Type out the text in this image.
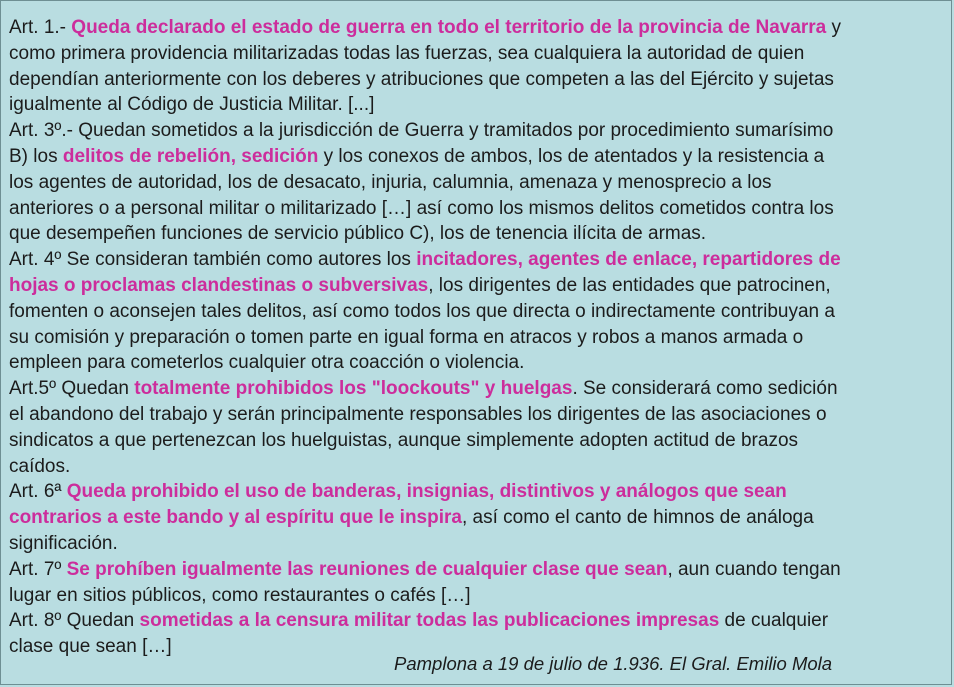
Art. 1.- Queda declarado el estado de guerra en todo el territorio de la provincia de Navarra y
como primera providencia militarizadas todas las fuerzas, sea cualquiera la autoridad de quien
dependían anteriormente con los deberes y atribuciones que competen a las del Ejército y sujetas
igualmente al Código de Justicia Militar. [...]
Art. 3º.- Quedan sometidos a la jurisdicción de Guerra y tramitados por procedimiento sumarísimo
B) los delitos de rebelión, sedición y los conexos de ambos, los de atentados y la resistencia a
los agentes de autoridad, los de desacato, injuria, calumnia, amenaza y menosprecio a los
anteriores o a personal militar o militarizado […] así como los mismos delitos cometidos contra los
que desempeñen funciones de servicio público C), los de tenencia ilícita de armas.
Art. 4º Se consideran también como autores los incitadores, agentes de enlace, repartidores de
hojas o proclamas clandestinas o subversivas, los dirigentes de las entidades que patrocinen,
fomenten o aconsejen tales delitos, así como todos los que directa o indirectamente contribuyan a
su comisión y preparación o tomen parte en igual forma en atracos y robos a manos armada o
empleen para cometerlos cualquier otra coacción o violencia.
Art.5º Quedan totalmente prohibidos los "loockouts" y huelgas. Se considerará como sedición
el abandono del trabajo y serán principalmente responsables los dirigentes de las asociaciones o
sindicatos a que pertenezcan los huelguistas, aunque simplemente adopten actitud de brazos
caídos.
Art. 6ª Queda prohibido el uso de banderas, insignias, distintivos y análogos que sean
contrarios a este bando y al espíritu que le inspira, así como el canto de himnos de análoga
significación.
Art. 7º Se prohíben igualmente las reuniones de cualquier clase que sean, aun cuando tengan
lugar en sitios públicos, como restaurantes o cafés […]
Art. 8º Quedan sometidas a la censura militar todas las publicaciones impresas de cualquier
clase que sean […]
Pamplona a 19 de julio de 1.936. El Gral. Emilio Mola
